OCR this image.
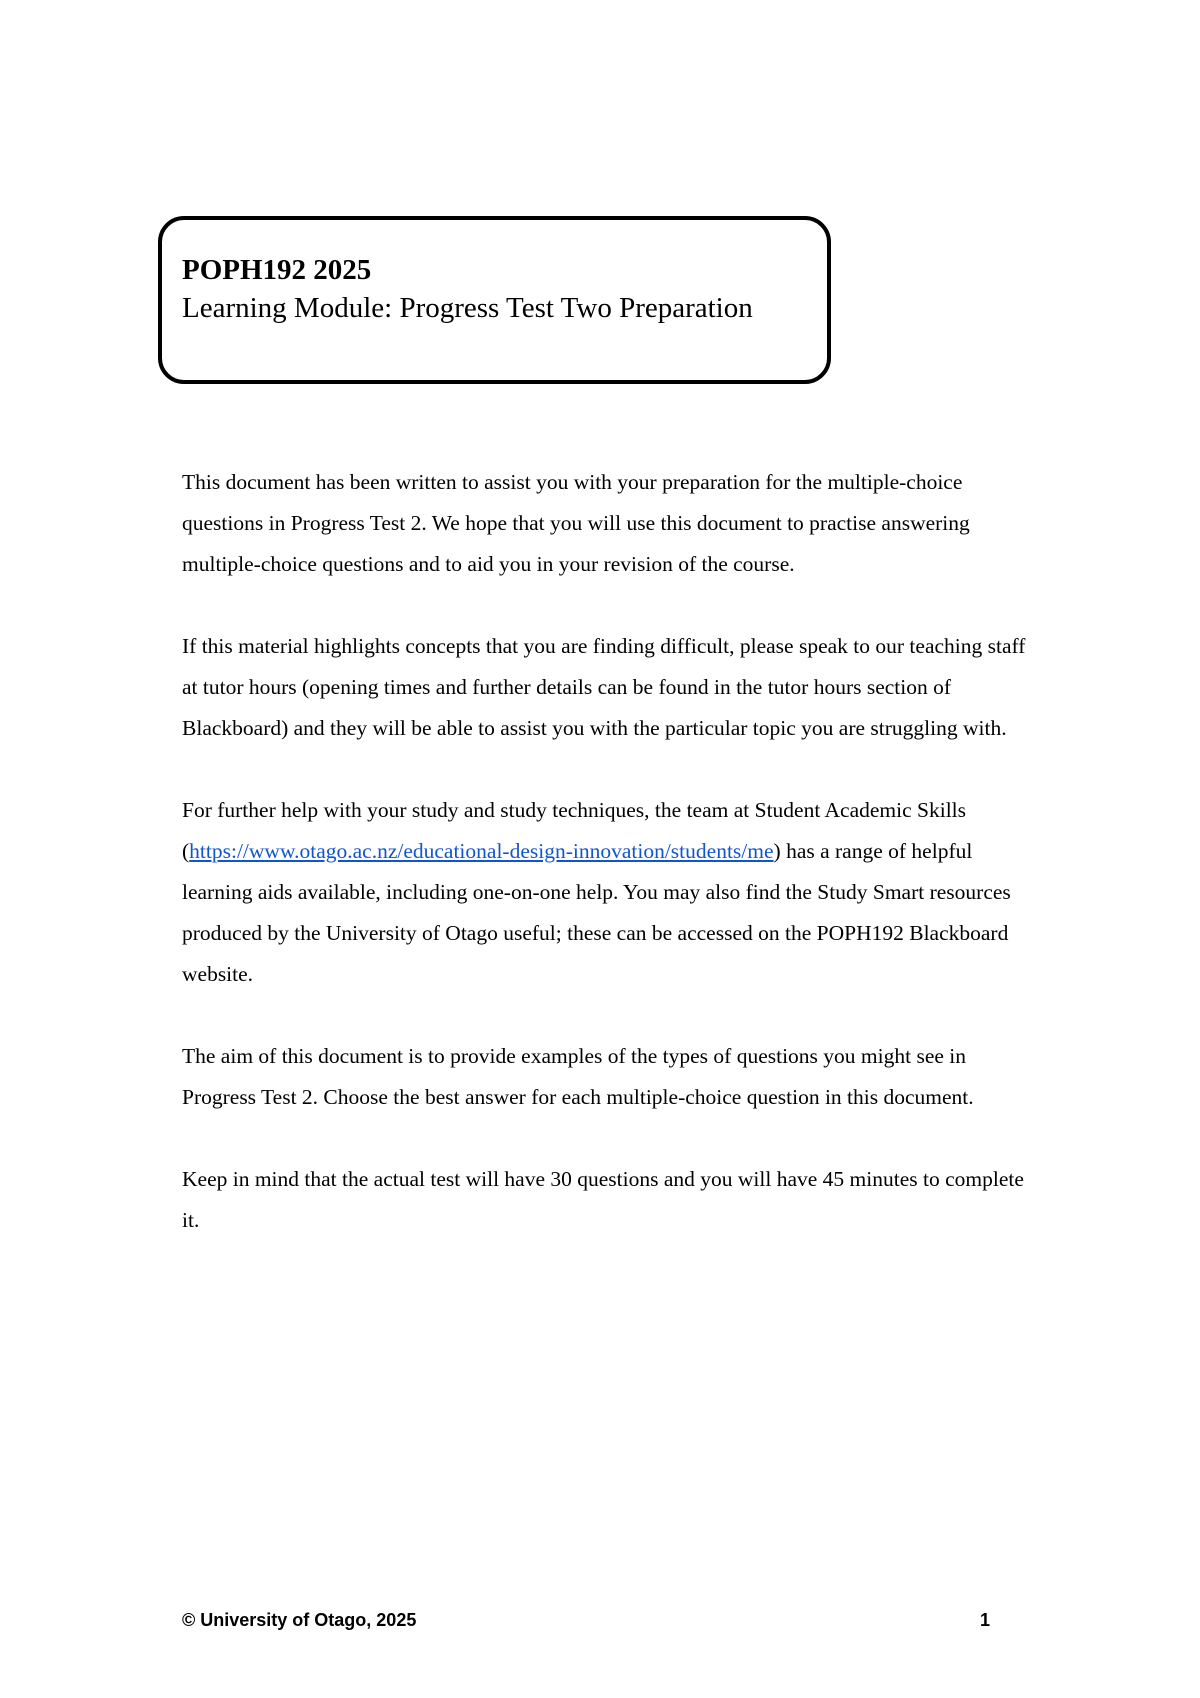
POPH192 2025
Learning Module: Progress Test Two Preparation

This document has been written to assist you with your preparation for the multiple-choice questions in Progress Test 2. We hope that you will use this document to practise answering multiple-choice questions and to aid you in your revision of the course.

If this material highlights concepts that you are finding difficult, please speak to our teaching staff at tutor hours (opening times and further details can be found in the tutor hours section of Blackboard) and they will be able to assist you with the particular topic you are struggling with.

For further help with your study and study techniques, the team at Student Academic Skills (https://www.otago.ac.nz/educational-design-innovation/students/me) has a range of helpful learning aids available, including one-on-one help. You may also find the Study Smart resources produced by the University of Otago useful; these can be accessed on the POPH192 Blackboard website.

The aim of this document is to provide examples of the types of questions you might see in Progress Test 2. Choose the best answer for each multiple-choice question in this document.

Keep in mind that the actual test will have 30 questions and you will have 45 minutes to complete it.

© University of Otago, 2025	1
